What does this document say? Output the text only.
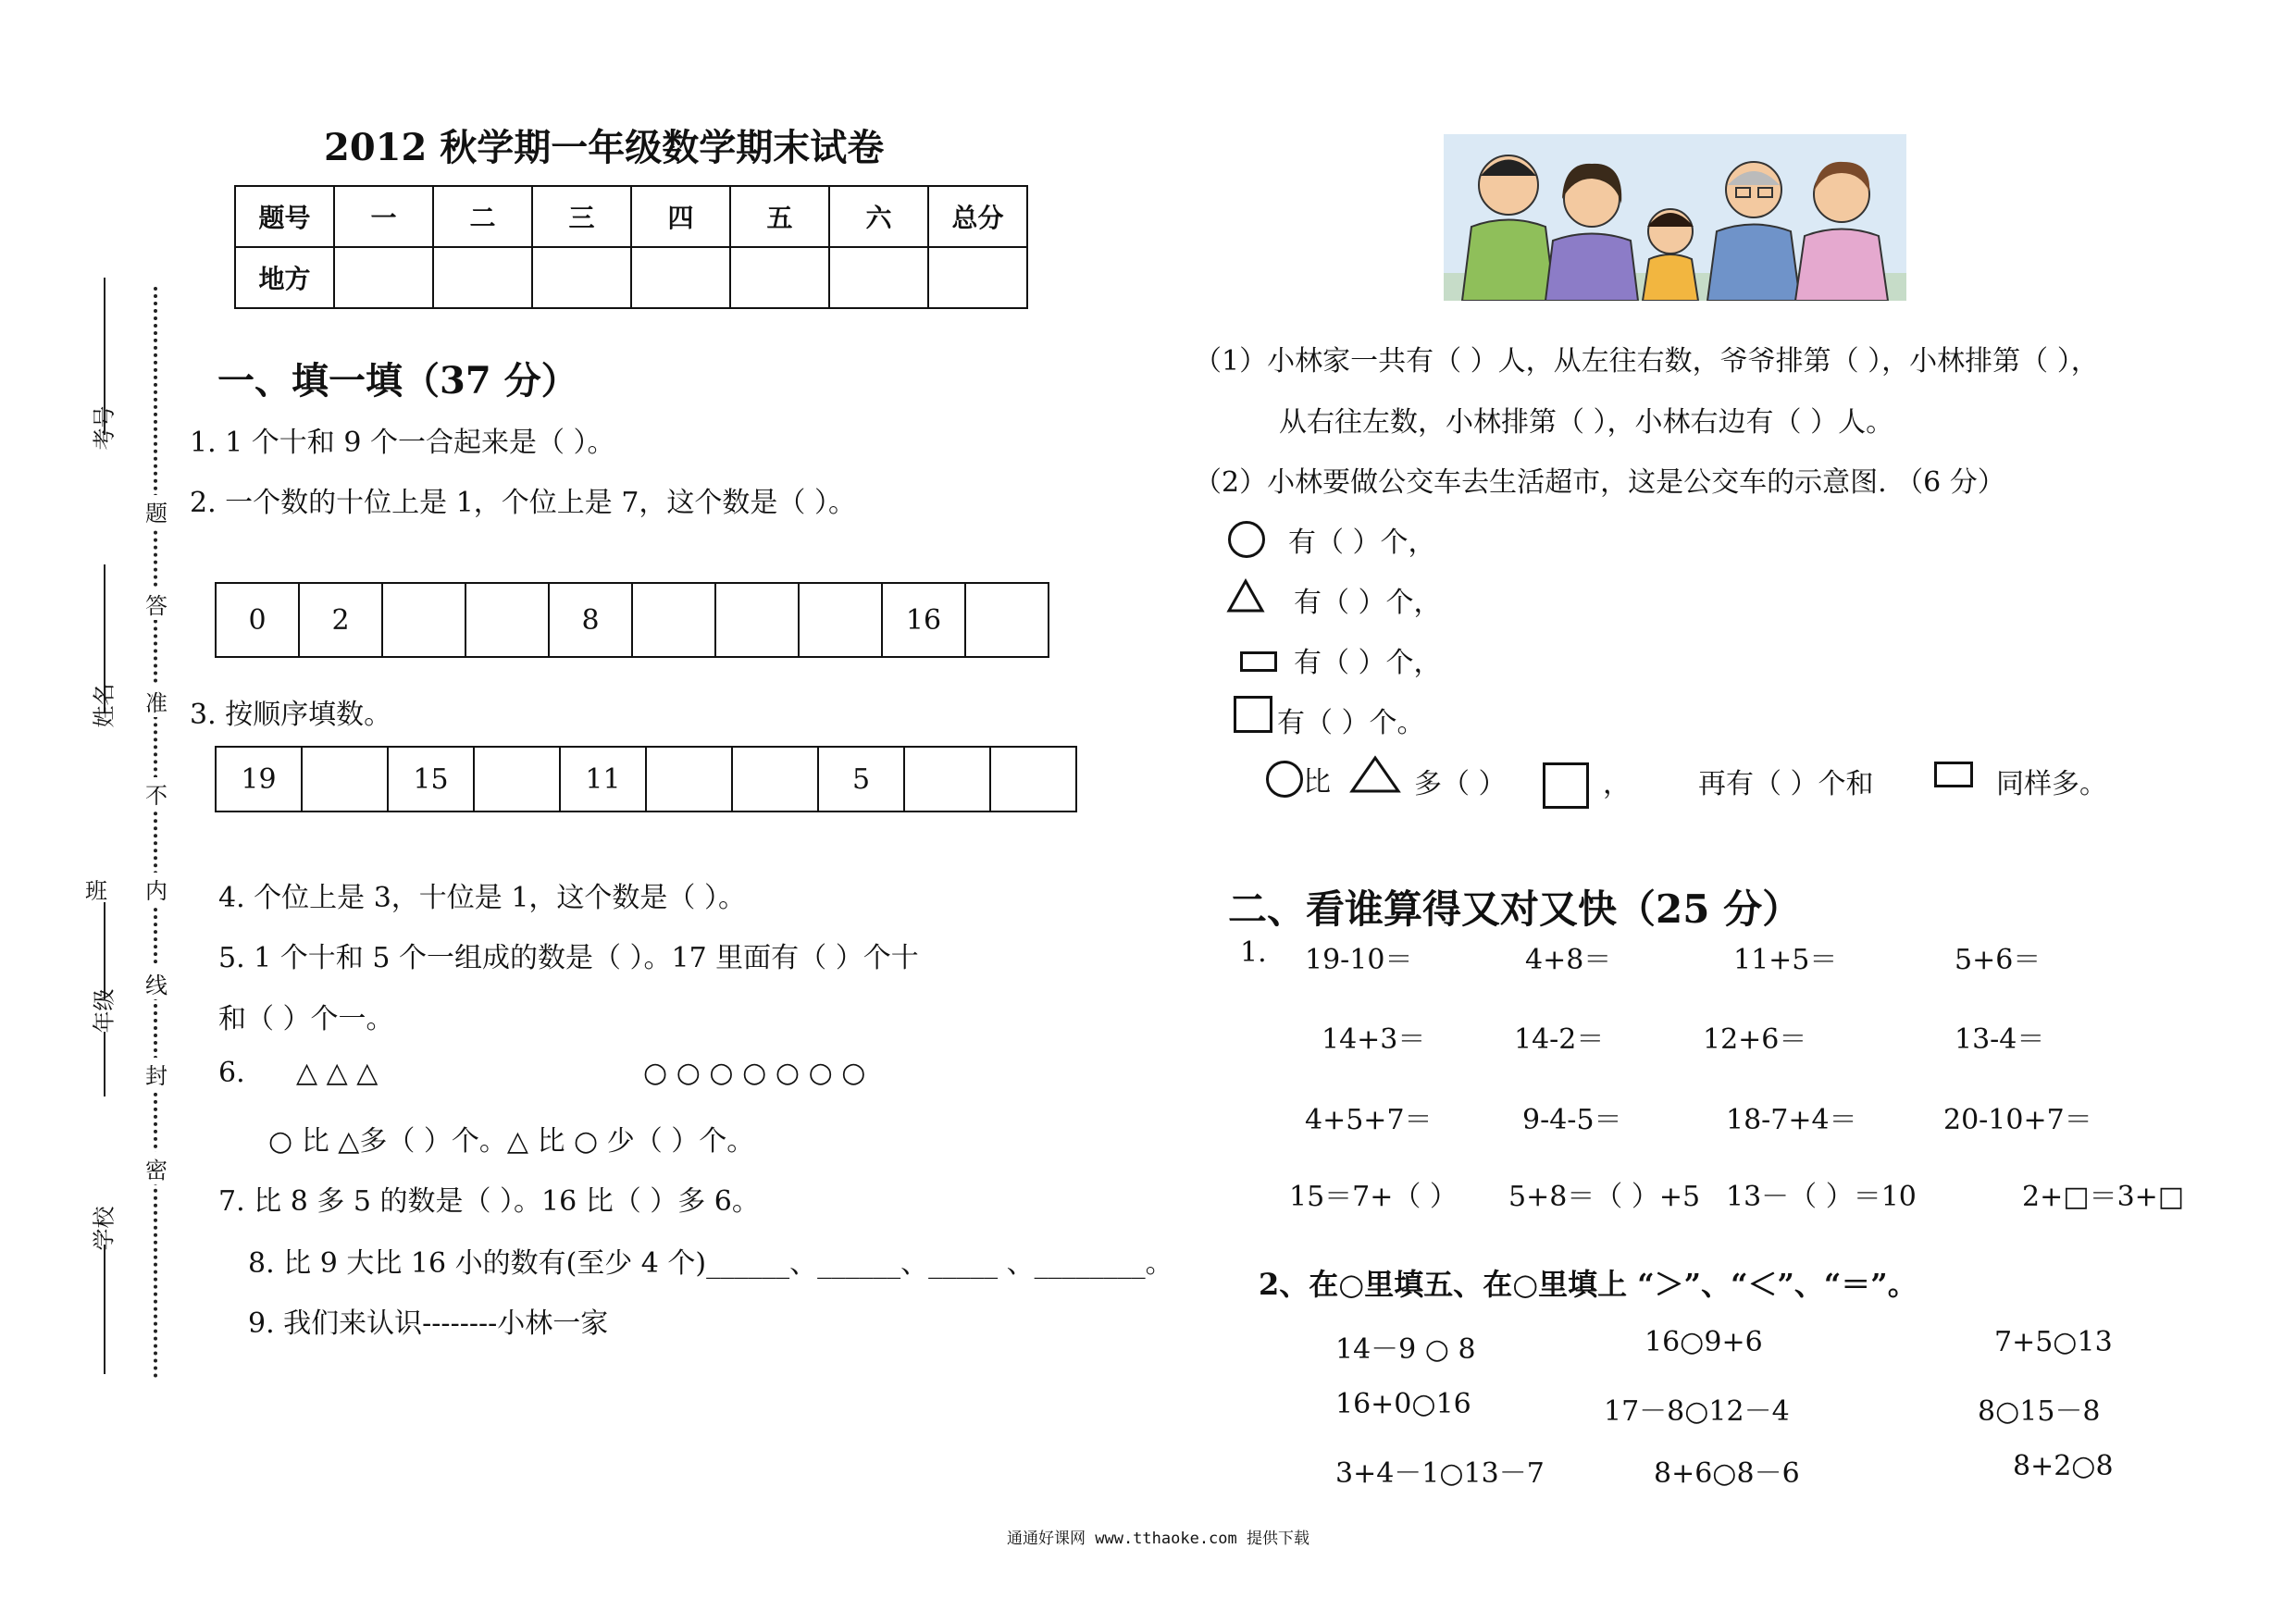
考号
姓名
班
年级
学校
题
答
准
不
内
线
封
密
2012 秋学期一年级数学期末试卷
题号	一	二	三	四	五	六	总分
地方							
一、填一填（37 分）
1. 1 个十和 9 个一合起来是（ ）。
2. 一个数的十位上是 1，个位上是 7，这个数是（ ）。
0	2			8				16	
3. 按顺序填数。
19		15		11			5		
4. 个位上是 3，十位是 1，这个数是（ ）。
5. 1 个十和 5 个一组成的数是（ ）。17 里面有（ ）个十
和（ ）个一。
6. △ △ △	○ ○ ○ ○ ○ ○ ○
○ 比 △多（ ）个。△ 比 ○ 少（ ）个。
7. 比 8 多 5 的数是（ ）。16 比（ ）多 6。
8. 比 9 大比 16 小的数有(至少 4 个)______、______、_____ 、________。
9. 我们来认识--------小林一家
（1）小林家一共有（ ）人，从左往右数，爷爷排第（ ），小林排第（ ），
从右往左数，小林排第（ ），小林右边有（ ）人。
（2）小林要做公交车去生活超市，这是公交车的示意图. （6 分）
有（ ）个，
有（ ）个，
有（ ）个，
有（ ）个。
比	多（ ）	， 再有（ ）个和	同样多。
二、看谁算得又对又快（25 分）
1. 19-10＝	4+8＝	11+5＝	5+6＝
14+3＝	14-2＝	12+6＝	13-4＝
4+5+7＝	9-4-5＝	18-7+4＝	20-10+7＝
15＝7+（ ） 5+8＝（ ）+5 13－（ ）＝10	2+□＝3+□
2、在○里填五、在○里填上 “＞”、“＜”、“＝”。
14－9 ○ 8	16○9+6	7+5○13
16+0○16	17－8○12－4	8○15－8
3+4－1○13－7	8+6○8－6	8+2○8
通通好课网 www.tthaoke.com 提供下载
